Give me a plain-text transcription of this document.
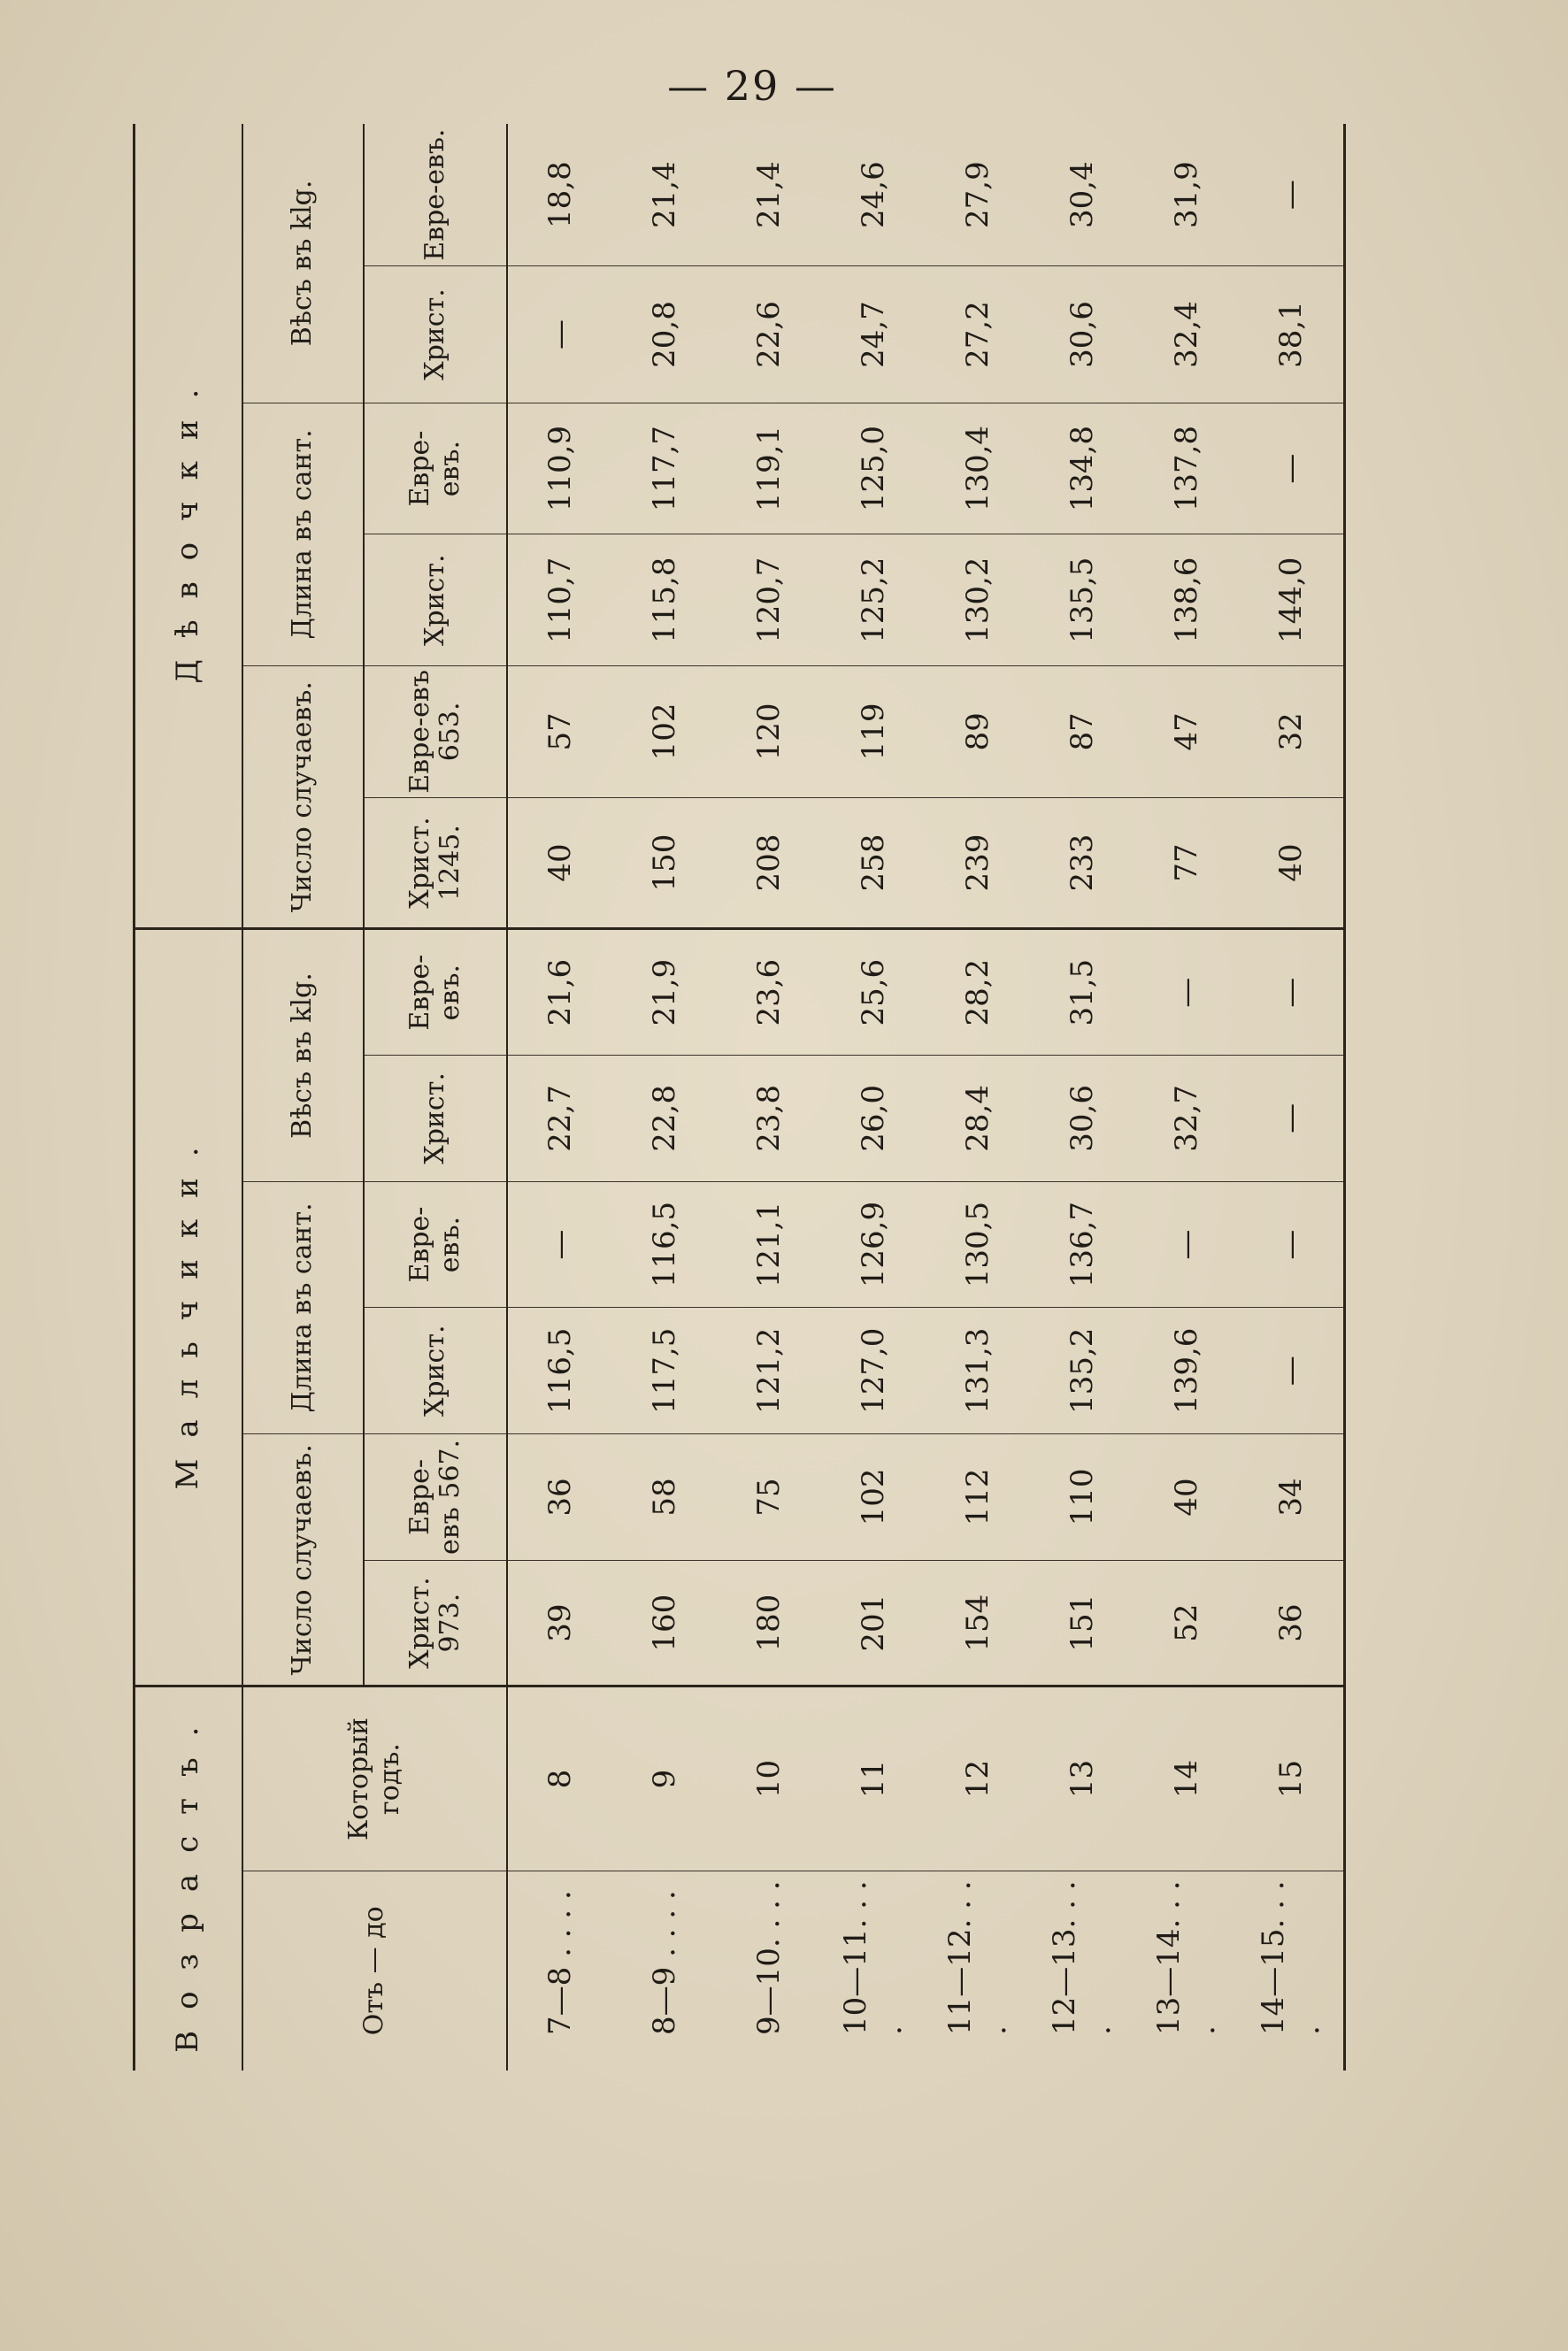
— 29 —
Возрастъ.		Мальчики.						Дѣвочки.					
Отъ — до	Который годъ.	Число случаевъ.		Длина въ сант.		Вѣсъ въ klg.		Число случаевъ.		Длина въ сант.		Вѣсъ въ klg.	
		Христ. 973.	Евре-евъ 567.	Христ.	Евре-евъ.	Христ.	Евре-евъ.	Христ. 1245.	Евре-евъ 653.	Христ.	Евре-евъ.	Христ.	Евре-евъ.
7—8 . . . .	8	39	36	116,5	—	22,7	21,6	40	57	110,7	110,9	—	18,8
8—9 . . . .	9	160	58	117,5	116,5	22,8	21,9	150	102	115,8	117,7	20,8	21,4
9—10. . . .	10	180	75	121,2	121,1	23,8	23,6	208	120	120,7	119,1	22,6	21,4
10—11. . . .	11	201	102	127,0	126,9	26,0	25,6	258	119	125,2	125,0	24,7	24,6
11—12. . . .	12	154	112	131,3	130,5	28,4	28,2	239	89	130,2	130,4	27,2	27,9
12—13. . . .	13	151	110	135,2	136,7	30,6	31,5	233	87	135,5	134,8	30,6	30,4
13—14. . . .	14	52	40	139,6	—	32,7	—	77	47	138,6	137,8	32,4	31,9
14—15. . . .	15	36	34	—	—	—	—	40	32	144,0	—	38,1	—
